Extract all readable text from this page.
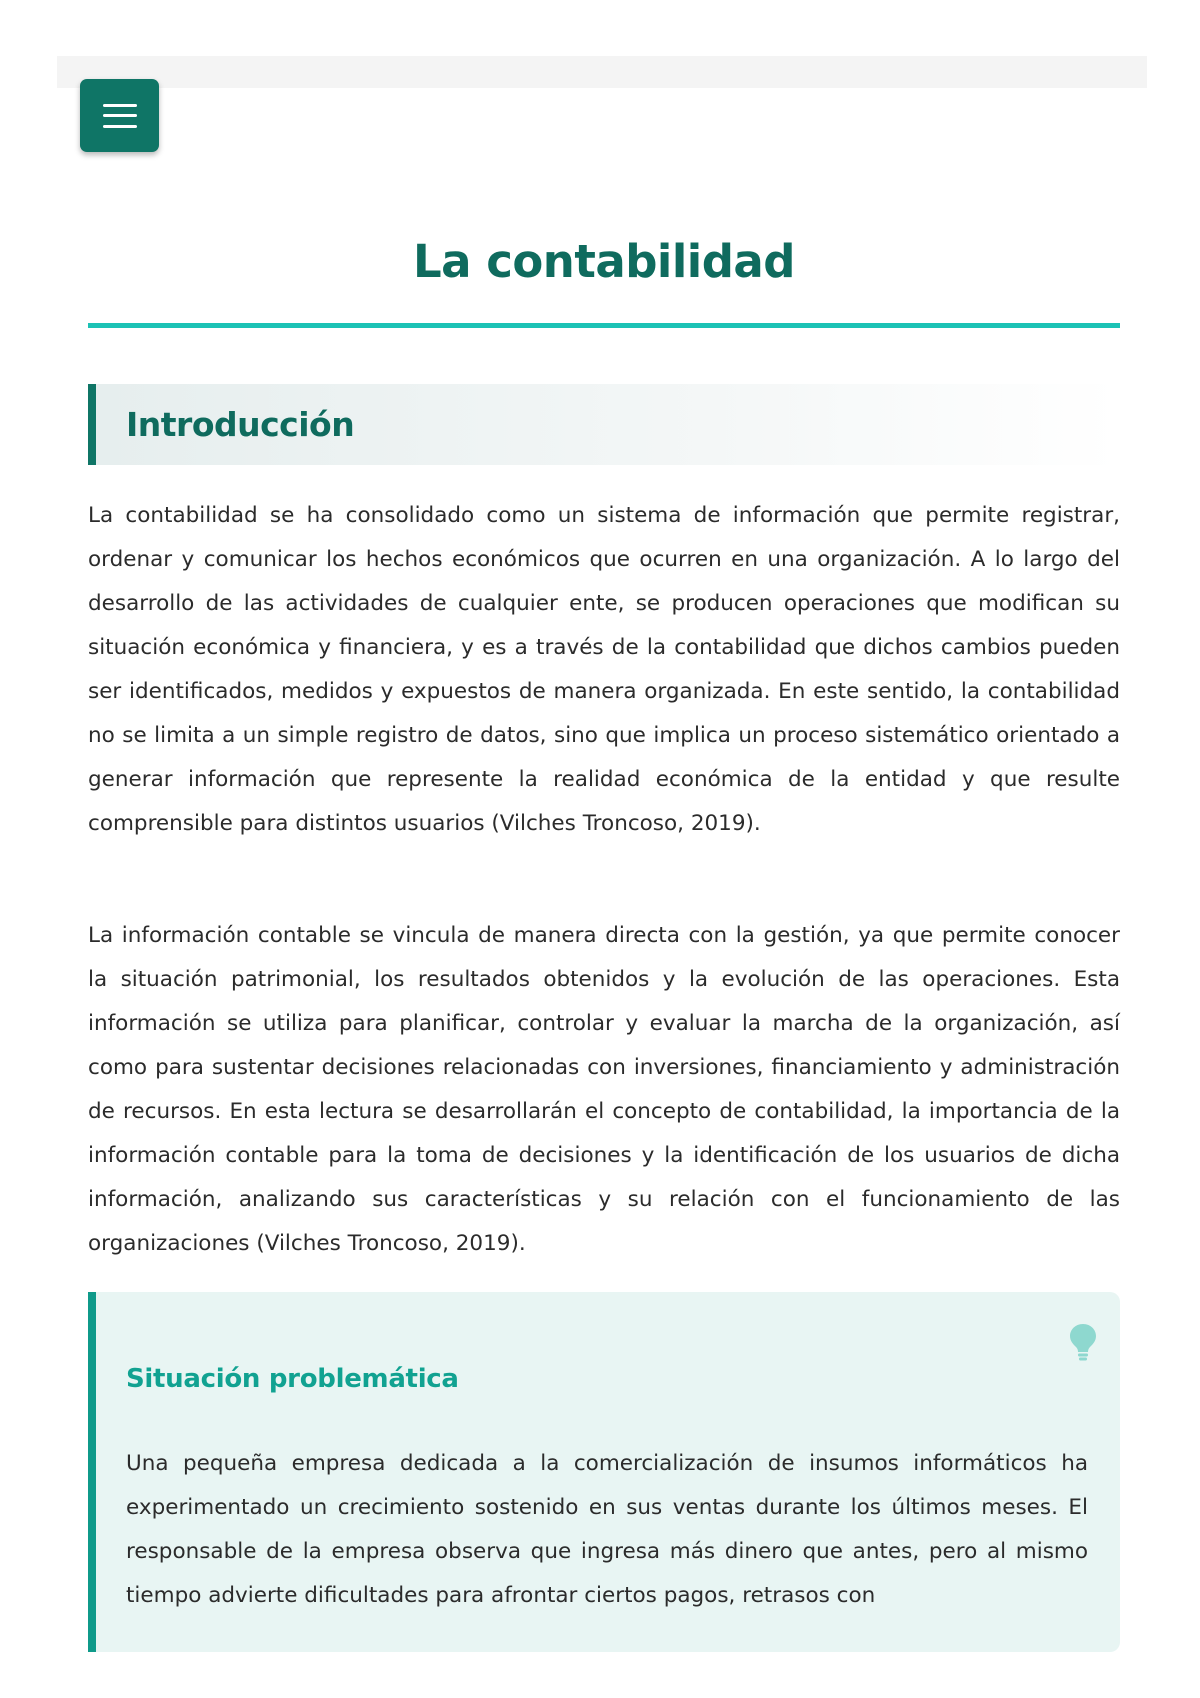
La contabilidad
Introducción

La contabilidad se ha consolidado como un sistema de información que permite registrar, ordenar y comunicar los hechos económicos que ocurren en una organización. A lo largo del desarrollo de las actividades de cualquier ente, se producen operaciones que modifican su situación económica y financiera, y es a través de la contabilidad que dichos cambios pueden ser identificados, medidos y expuestos de manera organizada. En este sentido, la contabilidad no se limita a un simple registro de datos, sino que implica un proceso sistemático orientado a generar información que represente la realidad económica de la entidad y que resulte comprensible para distintos usuarios (Vilches Troncoso, 2019).

La información contable se vincula de manera directa con la gestión, ya que permite conocer la situación patrimonial, los resultados obtenidos y la evolución de las operaciones. Esta información se utiliza para planificar, controlar y evaluar la marcha de la organización, así como para sustentar decisiones relacionadas con inversiones, financiamiento y administración de recursos. En esta lectura se desarrollarán el concepto de contabilidad, la importancia de la información contable para la toma de decisiones y la identificación de los usuarios de dicha información, analizando sus características y su relación con el funcionamiento de las organizaciones (Vilches Troncoso, 2019).

Situación problemática

Una pequeña empresa dedicada a la comercialización de insumos informáticos ha experimentado un crecimiento sostenido en sus ventas durante los últimos meses. El responsable de la empresa observa que ingresa más dinero que antes, pero al mismo tiempo advierte dificultades para afrontar ciertos pagos, retrasos con
